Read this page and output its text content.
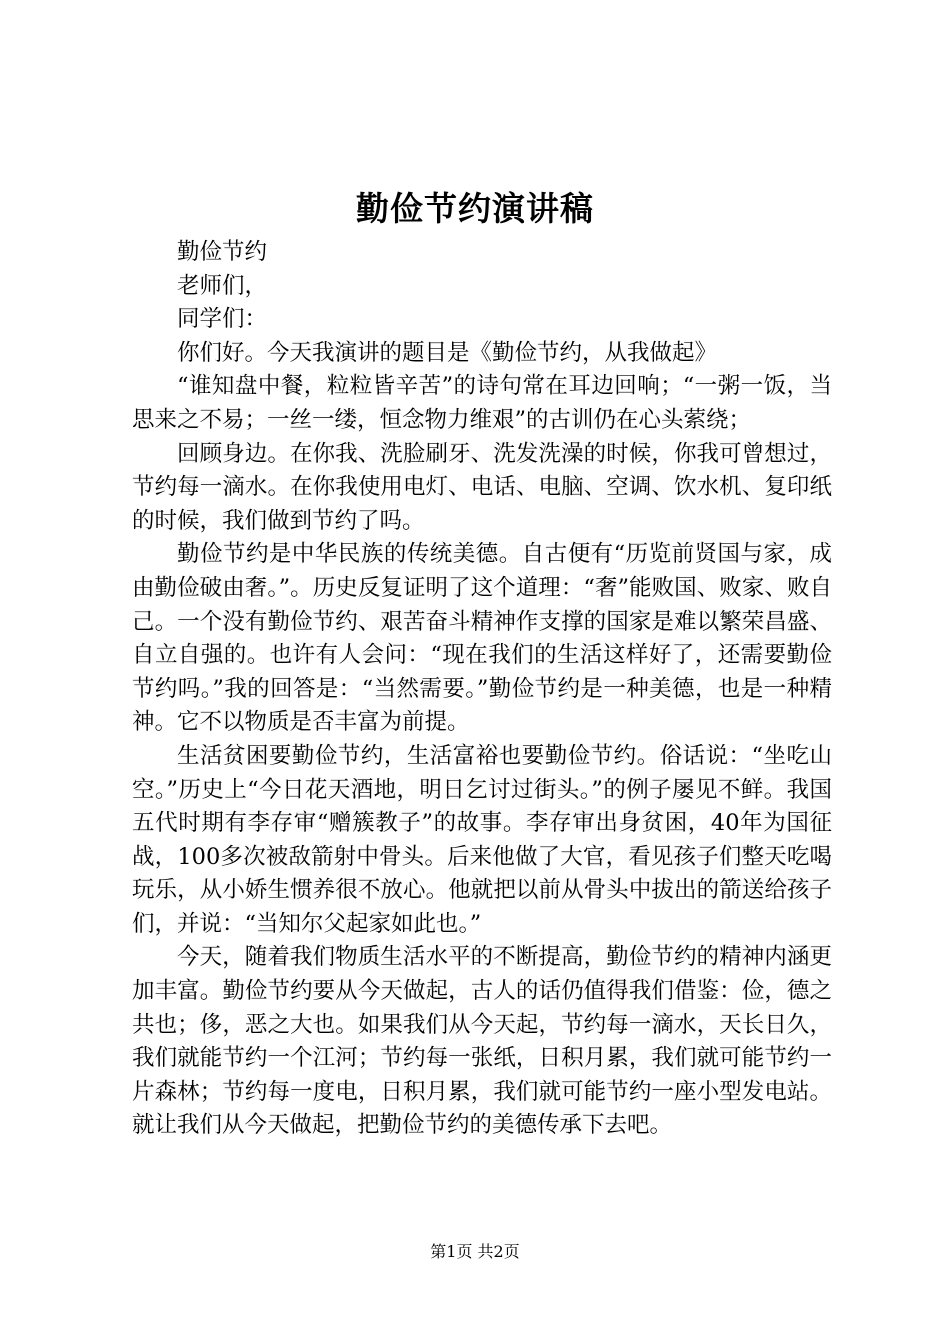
勤俭节约演讲稿

勤俭节约

老师们，

同学们：

你们好。今天我演讲的题目是《勤俭节约，从我做起》

“谁知盘中餐，粒粒皆辛苦”的诗句常在耳边回响；“一粥一饭，当思来之不易；一丝一缕，恒念物力维艰”的古训仍在心头萦绕；

回顾身边。在你我、洗脸刷牙、洗发洗澡的时候，你我可曾想过，节约每一滴水。在你我使用电灯、电话、电脑、空调、饮水机、复印纸的时候，我们做到节约了吗。

勤俭节约是中华民族的传统美德。自古便有“历览前贤国与家，成由勤俭破由奢。”。历史反复证明了这个道理：“奢”能败国、败家、败自己。一个没有勤俭节约、艰苦奋斗精神作支撑的国家是难以繁荣昌盛、自立自强的。也许有人会问：“现在我们的生活这样好了，还需要勤俭节约吗。”我的回答是：“当然需要。”勤俭节约是一种美德，也是一种精神。它不以物质是否丰富为前提。

生活贫困要勤俭节约，生活富裕也要勤俭节约。俗话说：“坐吃山空。”历史上“今日花天酒地，明日乞讨过街头。”的例子屡见不鲜。我国五代时期有李存审“赠簇教子”的故事。李存审出身贫困，40年为国征战，100多次被敌箭射中骨头。后来他做了大官，看见孩子们整天吃喝玩乐，从小娇生惯养很不放心。他就把以前从骨头中拔出的箭送给孩子们，并说：“当知尔父起家如此也。”

今天，随着我们物质生活水平的不断提高，勤俭节约的精神内涵更加丰富。勤俭节约要从今天做起，古人的话仍值得我们借鉴：俭，德之共也；侈，恶之大也。如果我们从今天起，节约每一滴水，天长日久，我们就能节约一个江河；节约每一张纸，日积月累，我们就可能节约一片森林；节约每一度电，日积月累，我们就可能节约一座小型发电站。就让我们从今天做起，把勤俭节约的美德传承下去吧。

第1页 共2页
